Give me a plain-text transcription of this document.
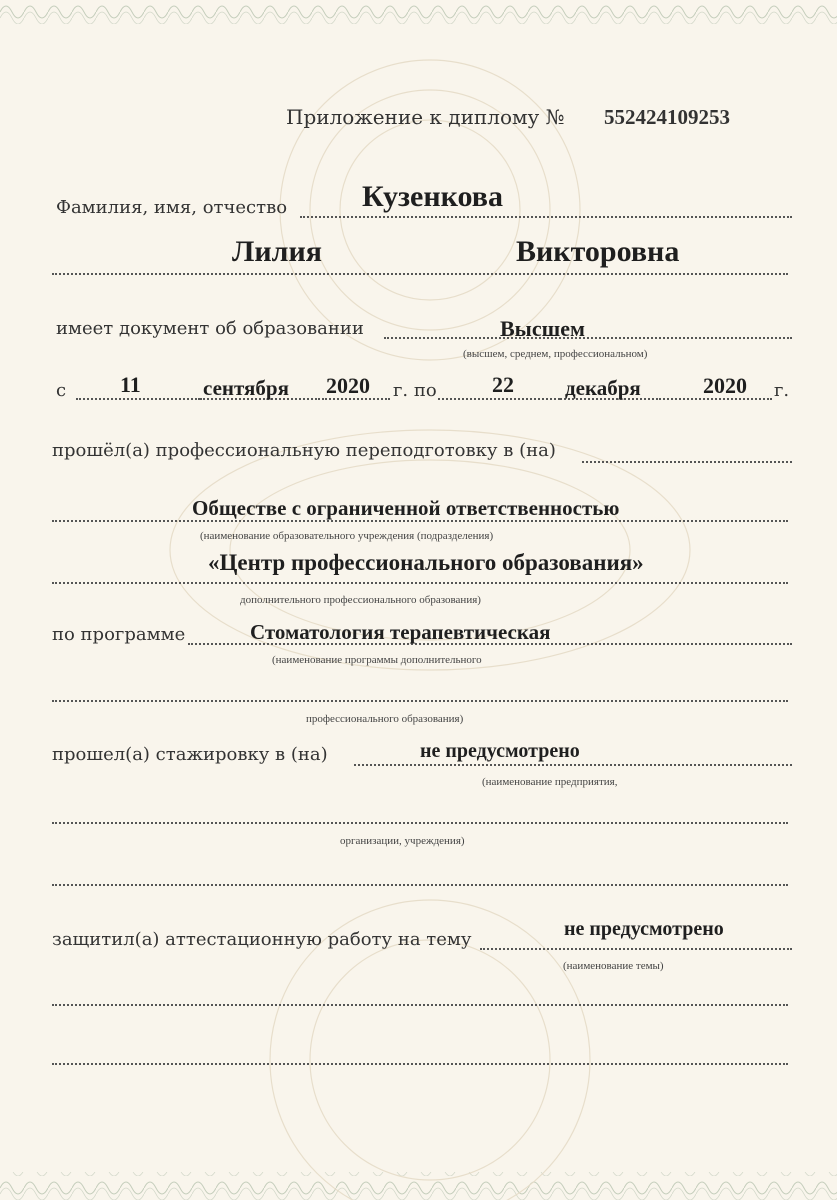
Приложение к диплому № 552424109253
Фамилия, имя, отчество Кузенкова
Лилия	Викторовна
имеет документ об образовании	Высшем
(высшем, среднем, профессиональном)
с 11	сентября 2020 г. по	22 декабря	2020 г.
прошёл(а) профессиональную переподготовку в (на)
Обществе с ограниченной ответственностью
(наименование образовательного учреждения (подразделения)
«Центр профессионального образования»
дополнительного профессионального образования)
по программе	Стоматология терапевтическая
(наименование программы дополнительного
профессионального образования)
прошел(а) стажировку в (на)	не предусмотрено
(наименование предприятия,
организации, учреждения)
защитил(а) аттестационную работу на тему	не предусмотрено
(наименование темы)
